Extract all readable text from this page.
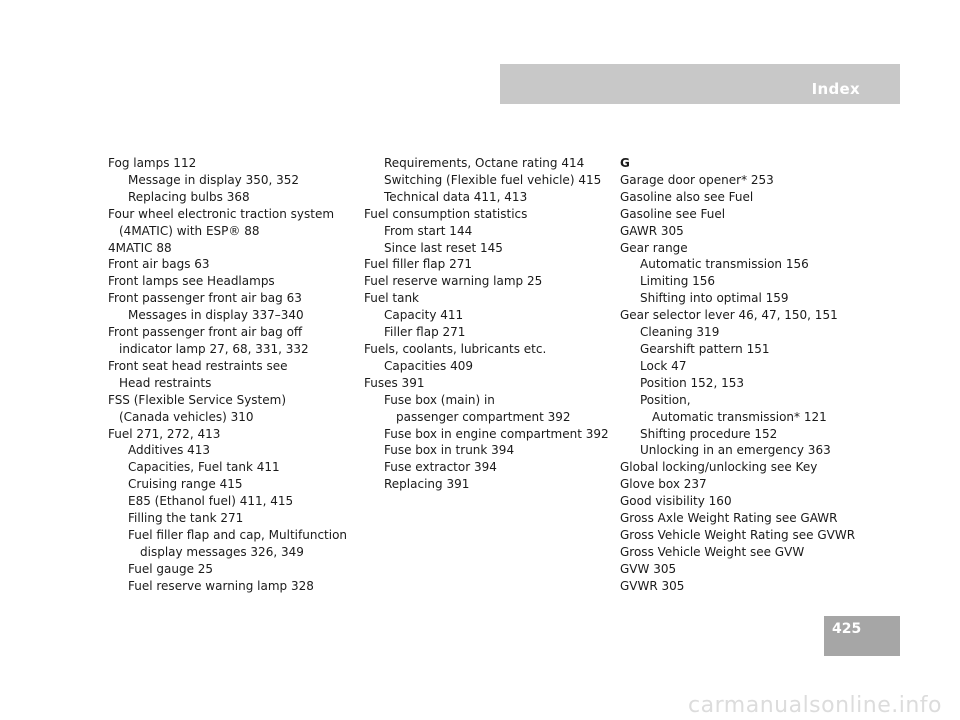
Index

Fog lamps 112

Message in display 350, 352

Replacing bulbs 368

Four wheel electronic traction system

(4MATIC) with ESP® 88

4MATIC 88

Front air bags 63

Front lamps see Headlamps

Front passenger front air bag 63

Messages in display 337–340

Front passenger front air bag off

indicator lamp 27, 68, 331, 332

Front seat head restraints see

Head restraints

FSS (Flexible Service System)

(Canada vehicles) 310

Fuel 271, 272, 413

Additives 413

Capacities, Fuel tank 411

Cruising range 415

E85 (Ethanol fuel) 411, 415

Filling the tank 271

Fuel filler flap and cap, Multifunction

display messages 326, 349

Fuel gauge 25

Fuel reserve warning lamp 328

Requirements, Octane rating 414

Switching (Flexible fuel vehicle) 415

Technical data 411, 413

Fuel consumption statistics

From start 144

Since last reset 145

Fuel filler flap 271

Fuel reserve warning lamp 25

Fuel tank

Capacity 411

Filler flap 271

Fuels, coolants, lubricants etc.

Capacities 409

Fuses 391

Fuse box (main) in

passenger compartment 392

Fuse box in engine compartment 392

Fuse box in trunk 394

Fuse extractor 394

Replacing 391

G

Garage door opener* 253

Gasoline also see Fuel

Gasoline see Fuel

GAWR 305

Gear range

Automatic transmission 156

Limiting 156

Shifting into optimal 159

Gear selector lever 46, 47, 150, 151

Cleaning 319

Gearshift pattern 151

Lock 47

Position 152, 153

Position,

Automatic transmission* 121

Shifting procedure 152

Unlocking in an emergency 363

Global locking/unlocking see Key

Glove box 237

Good visibility 160

Gross Axle Weight Rating see GAWR

Gross Vehicle Weight Rating see GVWR

Gross Vehicle Weight see GVW

GVW 305

GVWR 305

425
carmanualsonline.info
